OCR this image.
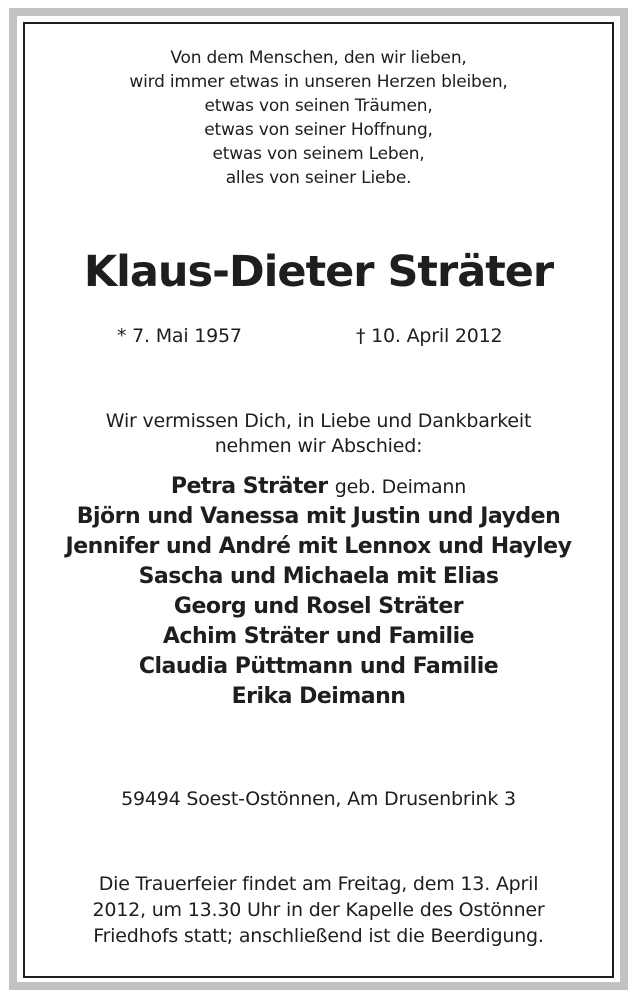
Von dem Menschen, den wir lieben,
wird immer etwas in unseren Herzen bleiben,
etwas von seinen Träumen,
etwas von seiner Hoffnung,
etwas von seinem Leben,
alles von seiner Liebe.
Klaus-Dieter Sträter
* 7. Mai 1957	† 10. April 2012
Wir vermissen Dich, in Liebe und Dankbarkeit
nehmen wir Abschied:
Petra Sträter geb. Deimann
Björn und Vanessa mit Justin und Jayden
Jennifer und André mit Lennox und Hayley
Sascha und Michaela mit Elias
Georg und Rosel Sträter
Achim Sträter und Familie
Claudia Püttmann und Familie
Erika Deimann
59494 Soest-Ostönnen, Am Drusenbrink 3
Die Trauerfeier findet am Freitag, dem 13. April
2012, um 13.30 Uhr in der Kapelle des Ostönner
Friedhofs statt; anschließend ist die Beerdigung.
